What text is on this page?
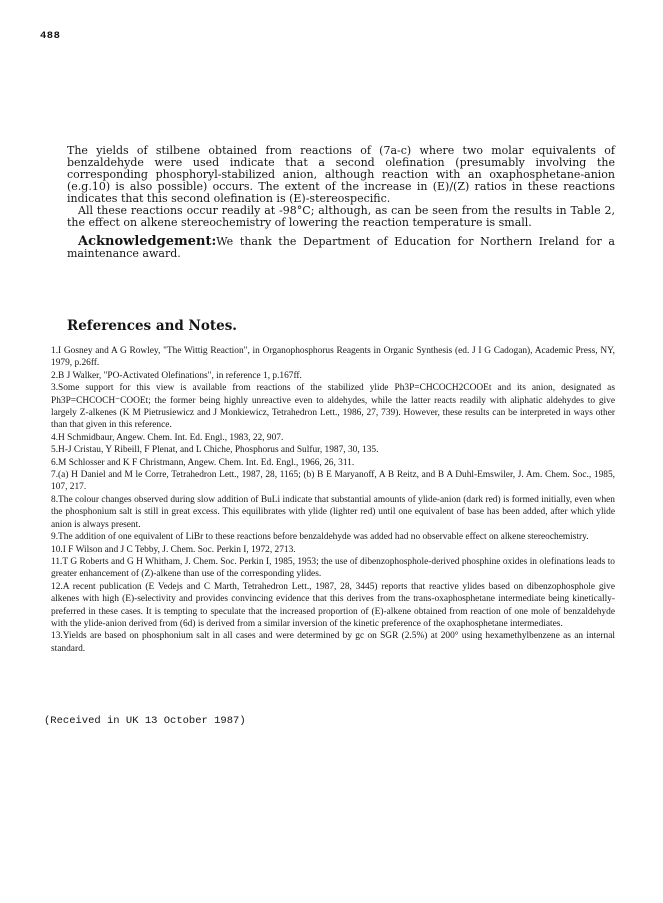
488

The yields of stilbene obtained from reactions of (7a-c) where two molar equivalents of benzaldehyde were used indicate that a second olefination (presumably involving the corresponding phosphoryl-stabilized anion, although reaction with an oxaphosphetane-anion (e.g.10) is also possible) occurs. The extent of the increase in (E)/(Z) ratios in these reactions indicates that this second olefination is (E)-stereospecific.

All these reactions occur readily at -98°C; although, as can be seen from the results in Table 2, the effect on alkene stereochemistry of lowering the reaction temperature is small.

Acknowledgement:We thank the Department of Education for Northern Ireland for a maintenance award.

References and Notes.

1.I Gosney and A G Rowley, "The Wittig Reaction", in Organophosphorus Reagents in Organic Synthesis (ed. J I G Cadogan), Academic Press, NY, 1979, p.26ff.

2.B J Walker, "PO-Activated Olefinations", in reference 1, p.167ff.

3.Some support for this view is available from reactions of the stabilized ylide Ph3P=CHCOCH2COOEt and its anion, designated as Ph3P=CHCOCH⁻COOEt; the former being highly unreactive even to aldehydes, while the latter reacts readily with aliphatic aldehydes to give largely Z-alkenes (K M Pietrusiewicz and J Monkiewicz, Tetrahedron Lett., 1986, 27, 739). However, these results can be interpreted in ways other than that given in this reference.

4.H Schmidbaur, Angew. Chem. Int. Ed. Engl., 1983, 22, 907.

5.H-J Cristau, Y Ribeill, F Plenat, and L Chiche, Phosphorus and Sulfur, 1987, 30, 135.

6.M Schlosser and K F Christmann, Angew. Chem. Int. Ed. Engl., 1966, 26, 311.

7.(a) H Daniel and M le Corre, Tetrahedron Lett., 1987, 28, 1165; (b) B E Maryanoff, A B Reitz, and B A Duhl-Emswiler, J. Am. Chem. Soc., 1985, 107, 217.

8.The colour changes observed during slow addition of BuLi indicate that substantial amounts of ylide-anion (dark red) is formed initially, even when the phosphonium salt is still in great excess. This equilibrates with ylide (lighter red) until one equivalent of base has been added, after which ylide anion is always present.

9.The addition of one equivalent of LiBr to these reactions before benzaldehyde was added had no observable effect on alkene stereochemistry.

10.I F Wilson and J C Tebby, J. Chem. Soc. Perkin I, 1972, 2713.

11.T G Roberts and G H Whitham, J. Chem. Soc. Perkin I, 1985, 1953; the use of dibenzophosphole-derived phosphine oxides in olefinations leads to greater enhancement of (Z)-alkene than use of the corresponding ylides.

12.A recent publication (E Vedejs and C Marth, Tetrahedron Lett., 1987, 28, 3445) reports that reactive ylides based on dibenzophosphole give alkenes with high (E)-selectivity and provides convincing evidence that this derives from the trans-oxaphosphetane intermediate being kinetically-preferred in these cases. It is tempting to speculate that the increased proportion of (E)-alkene obtained from reaction of one mole of benzaldehyde with the ylide-anion derived from (6d) is derived from a similar inversion of the kinetic preference of the oxaphosphetane intermediates.

13.Yields are based on phosphonium salt in all cases and were determined by gc on SGR (2.5%) at 200° using hexamethylbenzene as an internal standard.

(Received in UK 13 October 1987)
